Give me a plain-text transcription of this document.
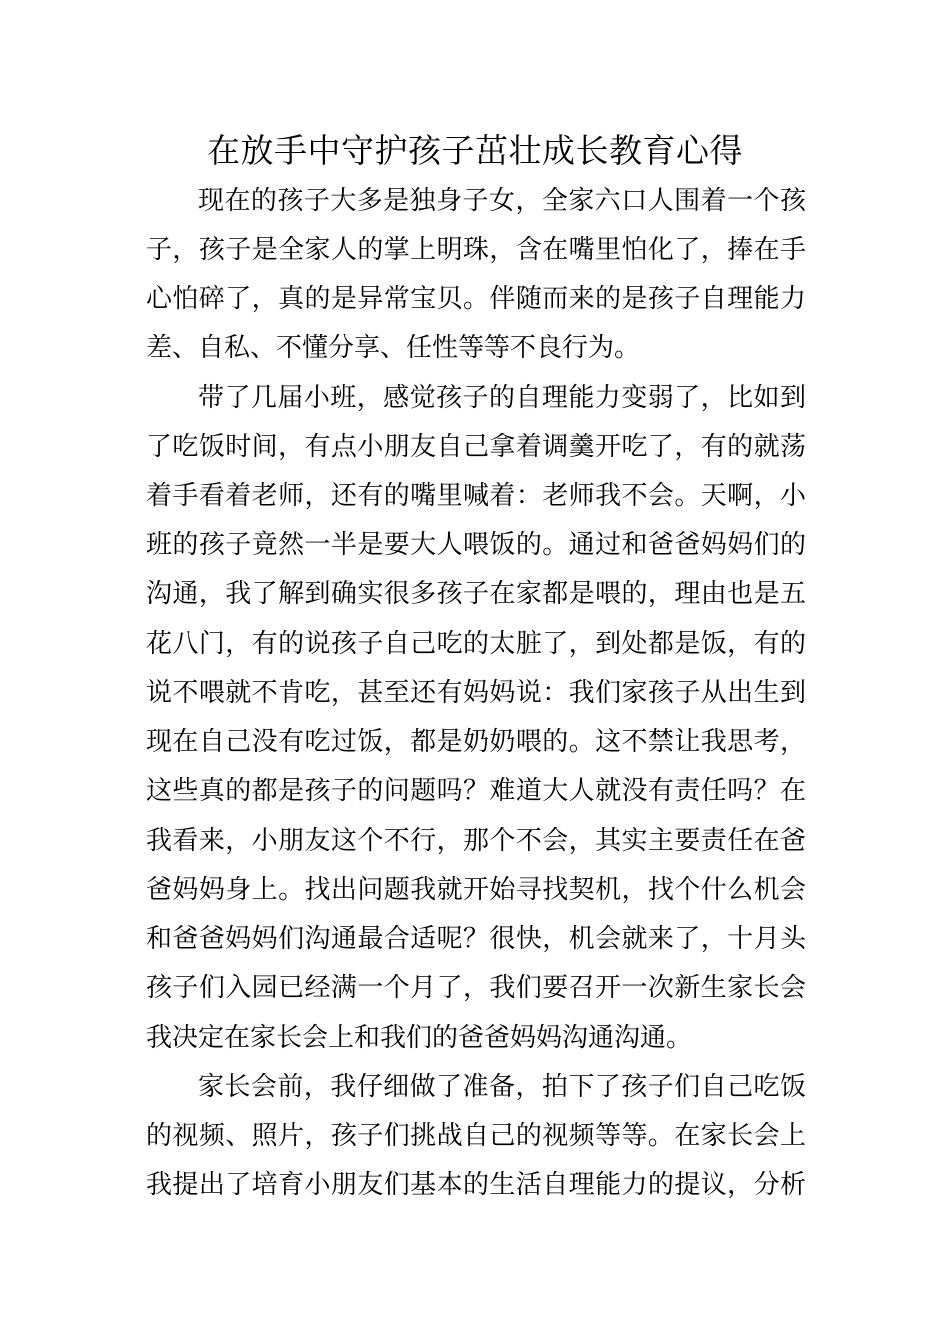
在放手中守护孩子茁壮成长教育心得
现在的孩子大多是独身子女，全家六口人围着一个孩
子，孩子是全家人的掌上明珠，含在嘴里怕化了，捧在手
心怕碎了，真的是异常宝贝。伴随而来的是孩子自理能力
差、自私、不懂分享、任性等等不良行为。
带了几届小班，感觉孩子的自理能力变弱了，比如到
了吃饭时间，有点小朋友自己拿着调羹开吃了，有的就荡
着手看着老师，还有的嘴里喊着：老师我不会。天啊，小
班的孩子竟然一半是要大人喂饭的。通过和爸爸妈妈们的
沟通，我了解到确实很多孩子在家都是喂的，理由也是五
花八门，有的说孩子自己吃的太脏了，到处都是饭，有的
说不喂就不肯吃，甚至还有妈妈说：我们家孩子从出生到
现在自己没有吃过饭，都是奶奶喂的。这不禁让我思考，
这些真的都是孩子的问题吗？难道大人就没有责任吗？在
我看来，小朋友这个不行，那个不会，其实主要责任在爸
爸妈妈身上。找出问题我就开始寻找契机，找个什么机会
和爸爸妈妈们沟通最合适呢？很快，机会就来了，十月头
孩子们入园已经满一个月了，我们要召开一次新生家长会
我决定在家长会上和我们的爸爸妈妈沟通沟通。
家长会前，我仔细做了准备，拍下了孩子们自己吃饭
的视频、照片，孩子们挑战自己的视频等等。在家长会上
我提出了培育小朋友们基本的生活自理能力的提议，分析
